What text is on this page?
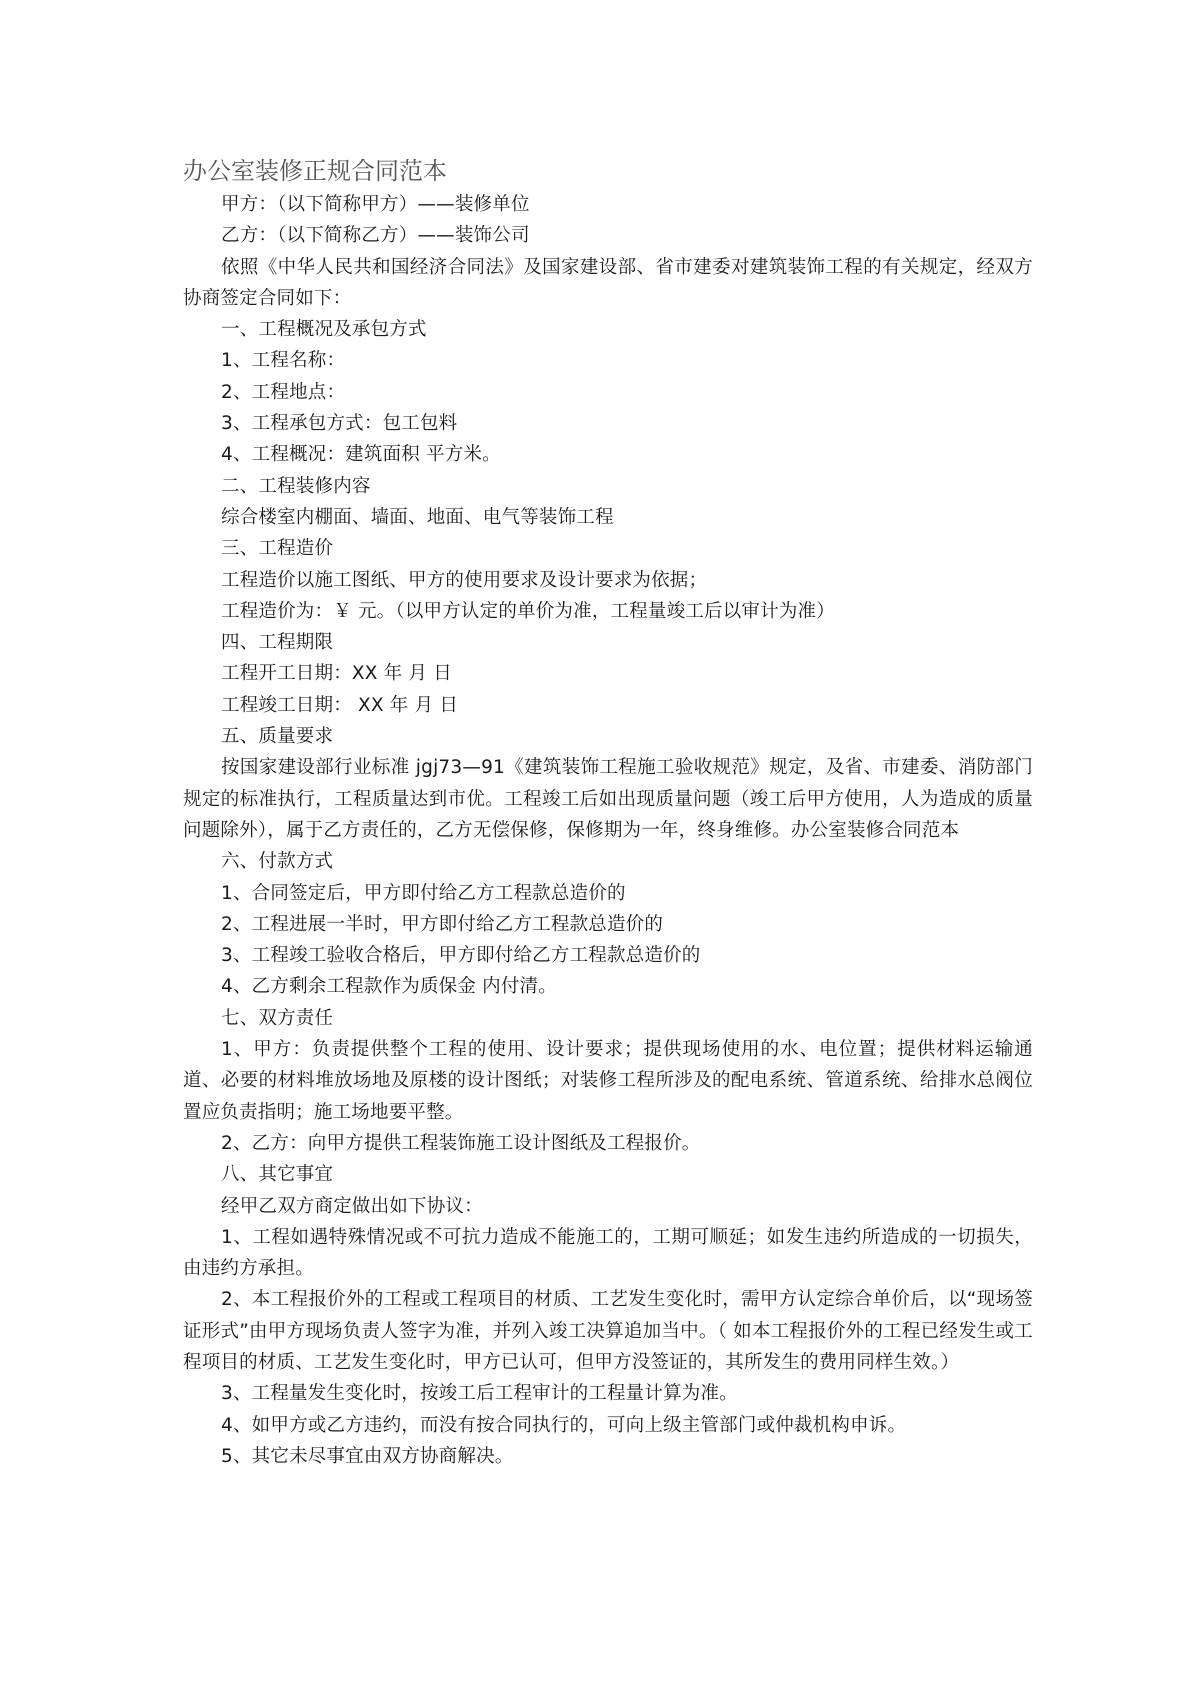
办公室装修正规合同范本

甲方：（以下简称甲方）——装修单位

乙方：（以下简称乙方）——装饰公司

依照《中华人民共和国经济合同法》及国家建设部、省市建委对建筑装饰工程的有关规定，经双方协商签定合同如下：

一、工程概况及承包方式

1、工程名称：

2、工程地点：

3、工程承包方式：包工包料

4、工程概况：建筑面积 平方米。

二、工程装修内容

综合楼室内棚面、墙面、地面、电气等装饰工程

三、工程造价

工程造价以施工图纸、甲方的使用要求及设计要求为依据；

工程造价为：￥ 元。（以甲方认定的单价为准，工程量竣工后以审计为准）

四、工程期限

工程开工日期：XX 年 月 日

工程竣工日期： XX 年 月 日

五、质量要求

按国家建设部行业标准 jgj73—91《建筑装饰工程施工验收规范》规定，及省、市建委、消防部门规定的标准执行，工程质量达到市优。工程竣工后如出现质量问题（竣工后甲方使用，人为造成的质量问题除外），属于乙方责任的，乙方无偿保修，保修期为一年，终身维修。办公室装修合同范本

六、付款方式

1、合同签定后，甲方即付给乙方工程款总造价的

2、工程进展一半时，甲方即付给乙方工程款总造价的

3、工程竣工验收合格后，甲方即付给乙方工程款总造价的

4、乙方剩余工程款作为质保金 内付清。

七、双方责任

1、甲方：负责提供整个工程的使用、设计要求；提供现场使用的水、电位置；提供材料运输通道、必要的材料堆放场地及原楼的设计图纸；对装修工程所涉及的配电系统、管道系统、给排水总阀位置应负责指明；施工场地要平整。

2、乙方：向甲方提供工程装饰施工设计图纸及工程报价。

八、其它事宜

经甲乙双方商定做出如下协议：

1、工程如遇特殊情况或不可抗力造成不能施工的，工期可顺延；如发生违约所造成的一切损失，由违约方承担。

2、本工程报价外的工程或工程项目的材质、工艺发生变化时，需甲方认定综合单价后，以“现场签证形式”由甲方现场负责人签字为准，并列入竣工决算追加当中。（ 如本工程报价外的工程已经发生或工程项目的材质、工艺发生变化时，甲方已认可，但甲方没签证的，其所发生的费用同样生效。）

3、工程量发生变化时，按竣工后工程审计的工程量计算为准。

4、如甲方或乙方违约，而没有按合同执行的，可向上级主管部门或仲裁机构申诉。

5、其它未尽事宜由双方协商解决。
